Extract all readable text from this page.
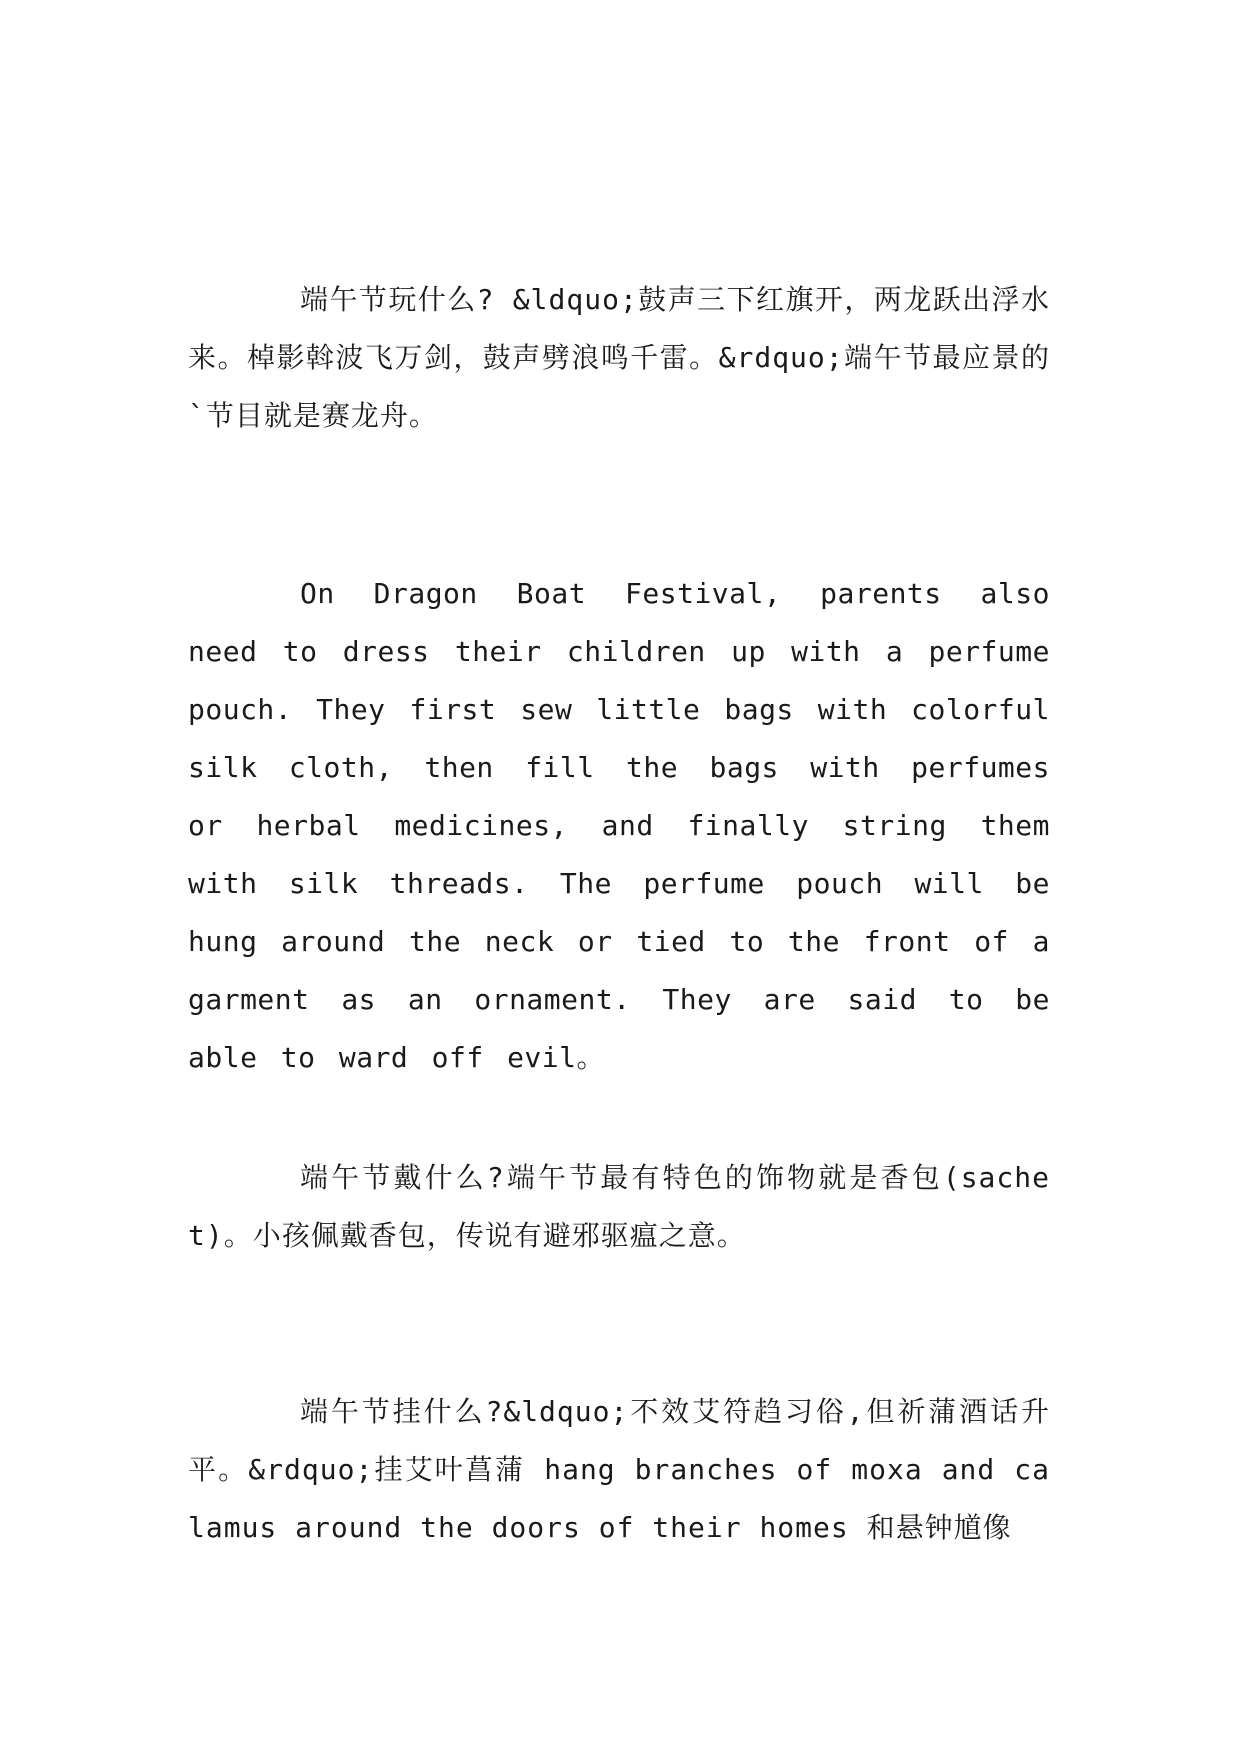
端午节玩什么? &ldquo;鼓声三下红旗开，两龙跃出浮水来。棹影斡波飞万剑，鼓声劈浪鸣千雷。&rdquo;端午节最应景的`节目就是赛龙舟。

On Dragon Boat Festival, parents also need to dress their children up with a perfume pouch. They first sew little bags with colorful silk cloth, then fill the bags with perfumes or herbal medicines, and finally string them with silk threads. The perfume pouch will be hung around the neck or tied to the front of a garment as an ornament. They are said to be able to ward off evil。

端午节戴什么?端午节最有特色的饰物就是香包(sachet)。小孩佩戴香包，传说有避邪驱瘟之意。

端午节挂什么?&ldquo;不效艾符趋习俗,但祈蒲酒话升平。&rdquo;挂艾叶菖蒲 hang branches of moxa and calamus around the doors of their homes 和悬钟馗像
